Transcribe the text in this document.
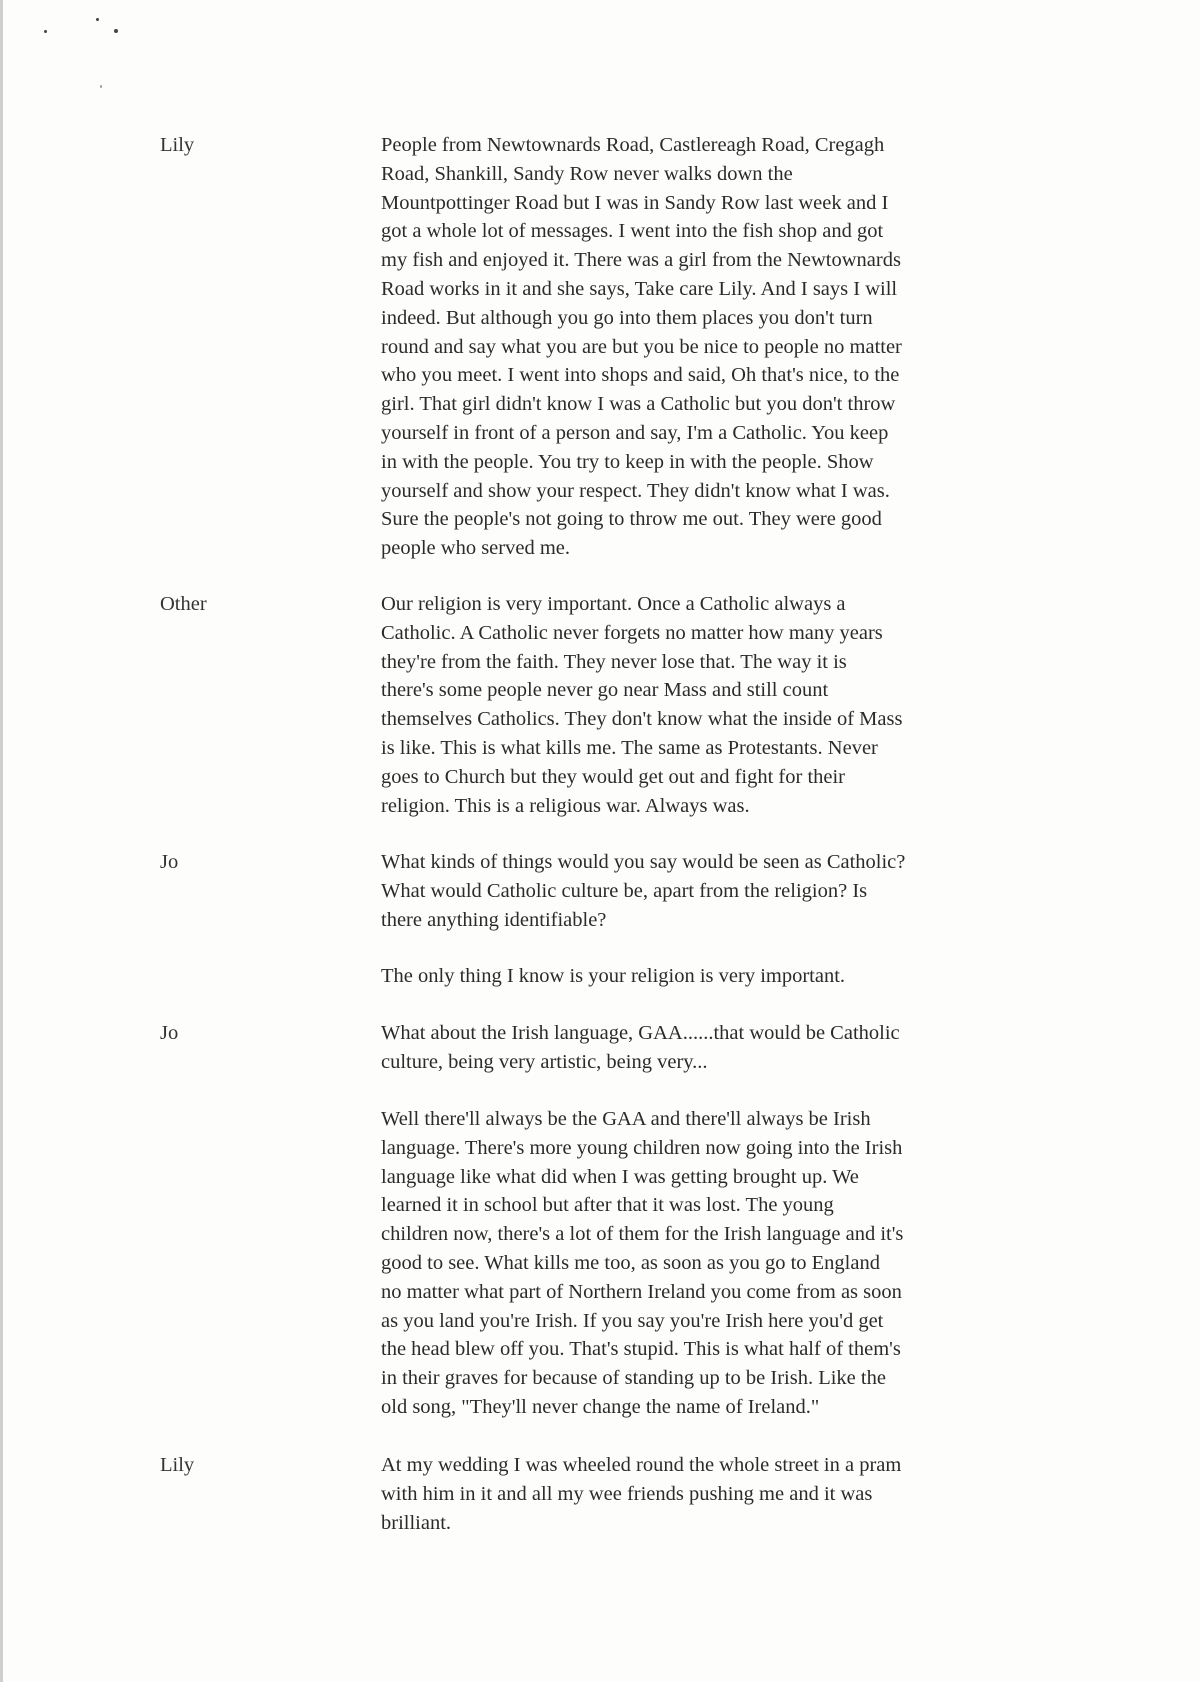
Lily	People from Newtownards Road, Castlereagh Road, Cregagh
Road, Shankill, Sandy Row never walks down the
Mountpottinger Road but I was in Sandy Row last week and I
got a whole lot of messages. I went into the fish shop and got
my fish and enjoyed it. There was a girl from the Newtownards
Road works in it and she says, Take care Lily. And I says I will
indeed. But although you go into them places you don't turn
round and say what you are but you be nice to people no matter
who you meet. I went into shops and said, Oh that's nice, to the
girl. That girl didn't know I was a Catholic but you don't throw
yourself in front of a person and say, I'm a Catholic. You keep
in with the people. You try to keep in with the people. Show
yourself and show your respect. They didn't know what I was.
Sure the people's not going to throw me out. They were good
people who served me.
Other	Our religion is very important. Once a Catholic always a
Catholic. A Catholic never forgets no matter how many years
they're from the faith. They never lose that. The way it is
there's some people never go near Mass and still count
themselves Catholics. They don't know what the inside of Mass
is like. This is what kills me. The same as Protestants. Never
goes to Church but they would get out and fight for their
religion. This is a religious war. Always was.
Jo	What kinds of things would you say would be seen as Catholic?
What would Catholic culture be, apart from the religion? Is
there anything identifiable?
The only thing I know is your religion is very important.
Jo	What about the Irish language, GAA......that would be Catholic
culture, being very artistic, being very...
Well there'll always be the GAA and there'll always be Irish
language. There's more young children now going into the Irish
language like what did when I was getting brought up. We
learned it in school but after that it was lost. The young
children now, there's a lot of them for the Irish language and it's
good to see. What kills me too, as soon as you go to England
no matter what part of Northern Ireland you come from as soon
as you land you're Irish. If you say you're Irish here you'd get
the head blew off you. That's stupid. This is what half of them's
in their graves for because of standing up to be Irish. Like the
old song, "They'll never change the name of Ireland."
Lily	At my wedding I was wheeled round the whole street in a pram
with him in it and all my wee friends pushing me and it was
brilliant.
